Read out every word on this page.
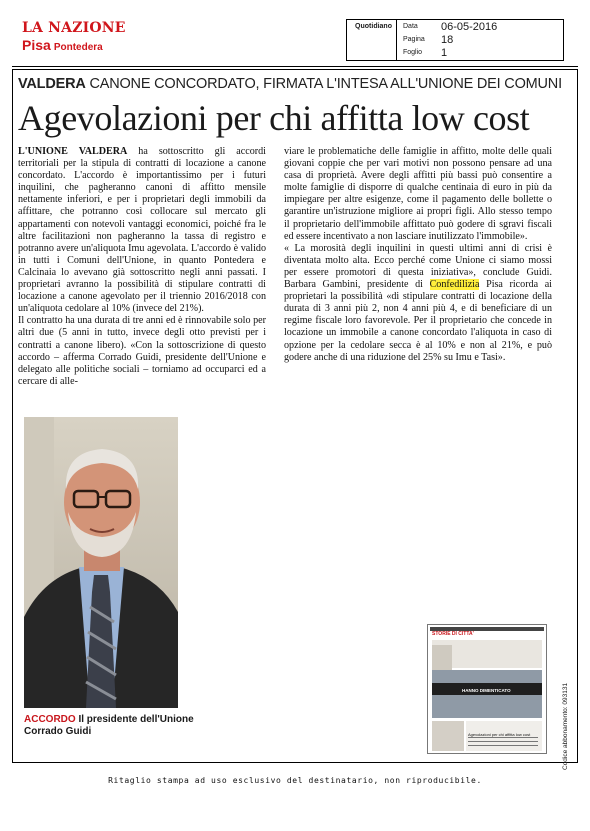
LA NAZIONE
Pisa Pontedera
Quotidiano	Data 06-05-2016
Pagina 18
Foglio 1
VALDERA CANONE CONCORDATO, FIRMATA L'INTESA ALL'UNIONE DEI COMUNI
Agevolazioni per chi affitta low cost

L'UNIONE VALDERA ha sottoscritto gli accordi territoriali per la stipula di contratti di locazione a canone concordato. L'accordo è importantissimo per i futuri inquilini, che pagheranno canoni di affitto mensile nettamente inferiori, e per i proprietari degli immobili da affittare, che potranno così collocare sul mercato gli appartamenti con notevoli vantaggi economici, poiché fra le altre facilitazioni non pagheranno la tassa di registro e potranno avere un'aliquota Imu agevolata. L'accordo è valido in tutti i Comuni dell'Unione, in quanto Pontedera e Calcinaia lo avevano già sottoscritto negli anni passati. I proprietari avranno la possibilità di stipulare contratti di locazione a canone agevolato per il triennio 2016/2018 con un'aliquota cedolare al 10% (invece del 21%).

Il contratto ha una durata di tre anni ed è rinnovabile solo per altri due (5 anni in tutto, invece degli otto previsti per i contratti a canone libero). «Con la sottoscrizione di questo accordo – afferma Corrado Guidi, presidente dell'Unione e delegato alle politiche sociali – torniamo ad occuparci ed a cercare di alle-

viare le problematiche delle famiglie in affitto, molte delle quali giovani coppie che per vari motivi non possono pensare ad una casa di proprietà. Avere degli affitti più bassi può consentire a molte famiglie di disporre di qualche centinaia di euro in più da impiegare per altre esigenze, come il pagamento delle bollette o garantire un'istruzione migliore ai propri figli. Allo stesso tempo il proprietario dell'immobile affittato può godere di sgravi fiscali ed essere incentivato a non lasciare inutilizzato l'immobile».

« La morosità degli inquilini in questi ultimi anni di crisi è diventata molto alta. Ecco perché come Unione ci siamo mossi per essere promotori di questa iniziativa», conclude Guidi. Barbara Gambini, presidente di Confedilizia Pisa ricorda ai proprietari la possibilità «di stipulare contratti di locazione della durata di 3 anni più 2, non 4 anni più 4, e di beneficiare di un regime fiscale loro favorevole. Per il proprietario che concede in locazione un immobile a canone concordato l'aliquota in caso di opzione per la cedolare secca è al 10% e non al 21%, e può godere anche di una riduzione del 25% su Imu e Tasi».

ACCORDO Il presidente dell'Unione Corrado Guidi
STORIE DI CITTA'
HANNO DIMENTICATO
Agevolazioni per chi affitta low cost	Codice abbonamento: 093131
Ritaglio stampa ad uso esclusivo del destinatario, non riproducibile.
